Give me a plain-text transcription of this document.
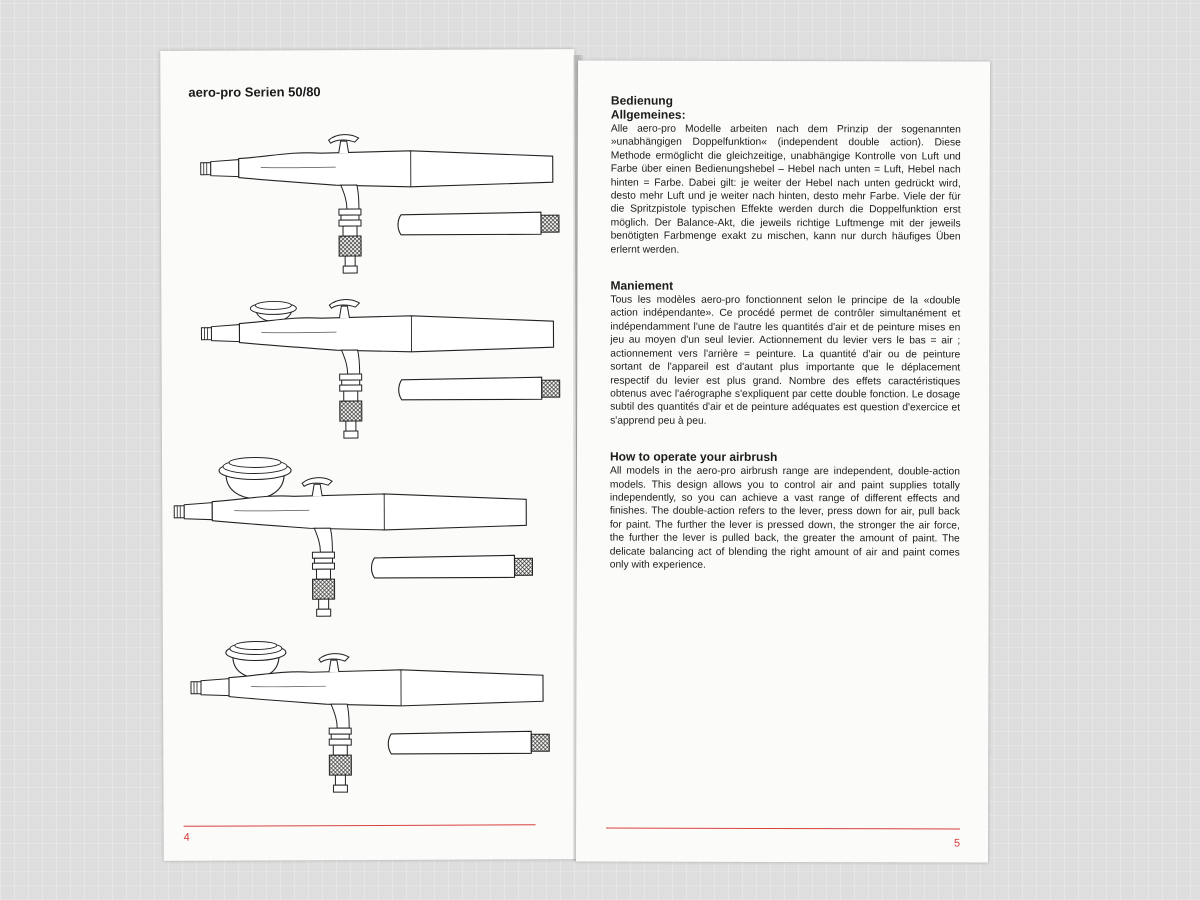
aero-pro Serien 50/80

4

Bedienung
Allgemeines:

Alle aero-pro Modelle arbeiten nach dem Prinzip der sogenannten »unabhängigen Doppelfunktion« (independent double action). Diese Methode ermöglicht die gleichzeitige, unabhängige Kontrolle von Luft und Farbe über einen Bedienungshebel – Hebel nach unten = Luft, Hebel nach hinten = Farbe. Dabei gilt: je weiter der Hebel nach unten gedrückt wird, desto mehr Luft und je weiter nach hinten, desto mehr Farbe. Viele der für die Spritzpistole typischen Effekte werden durch die Doppelfunktion erst möglich. Der Balance-Akt, die jeweils richtige Luftmenge mit der jeweils benötigten Farbmenge exakt zu mischen, kann nur durch häufiges Üben erlernt werden.

Maniement

Tous les modèles aero-pro fonctionnent selon le principe de la «double action indépendante». Ce procédé permet de contrôler simultanément et indépendamment l'une de l'autre les quantités d'air et de peinture mises en jeu au moyen d'un seul levier. Actionnement du levier vers le bas = air ; actionnement vers l'arrière = peinture. La quantité d'air ou de peinture sortant de l'appareil est d'autant plus importante que le déplacement respectif du levier est plus grand. Nombre des effets caractéristiques obtenus avec l'aérographe s'expliquent par cette double fonction. Le dosage subtil des quantités d'air et de peinture adéquates est question d'exercice et s'apprend peu à peu.

How to operate your airbrush

All models in the aero-pro airbrush range are independent, double-action models. This design allows you to control air and paint supplies totally independently, so you can achieve a vast range of different effects and finishes. The double-action refers to the lever, press down for air, pull back for paint. The further the lever is pressed down, the stronger the air force, the further the lever is pulled back, the greater the amount of paint. The delicate balancing act of blending the right amount of air and paint comes only with experience.

5
